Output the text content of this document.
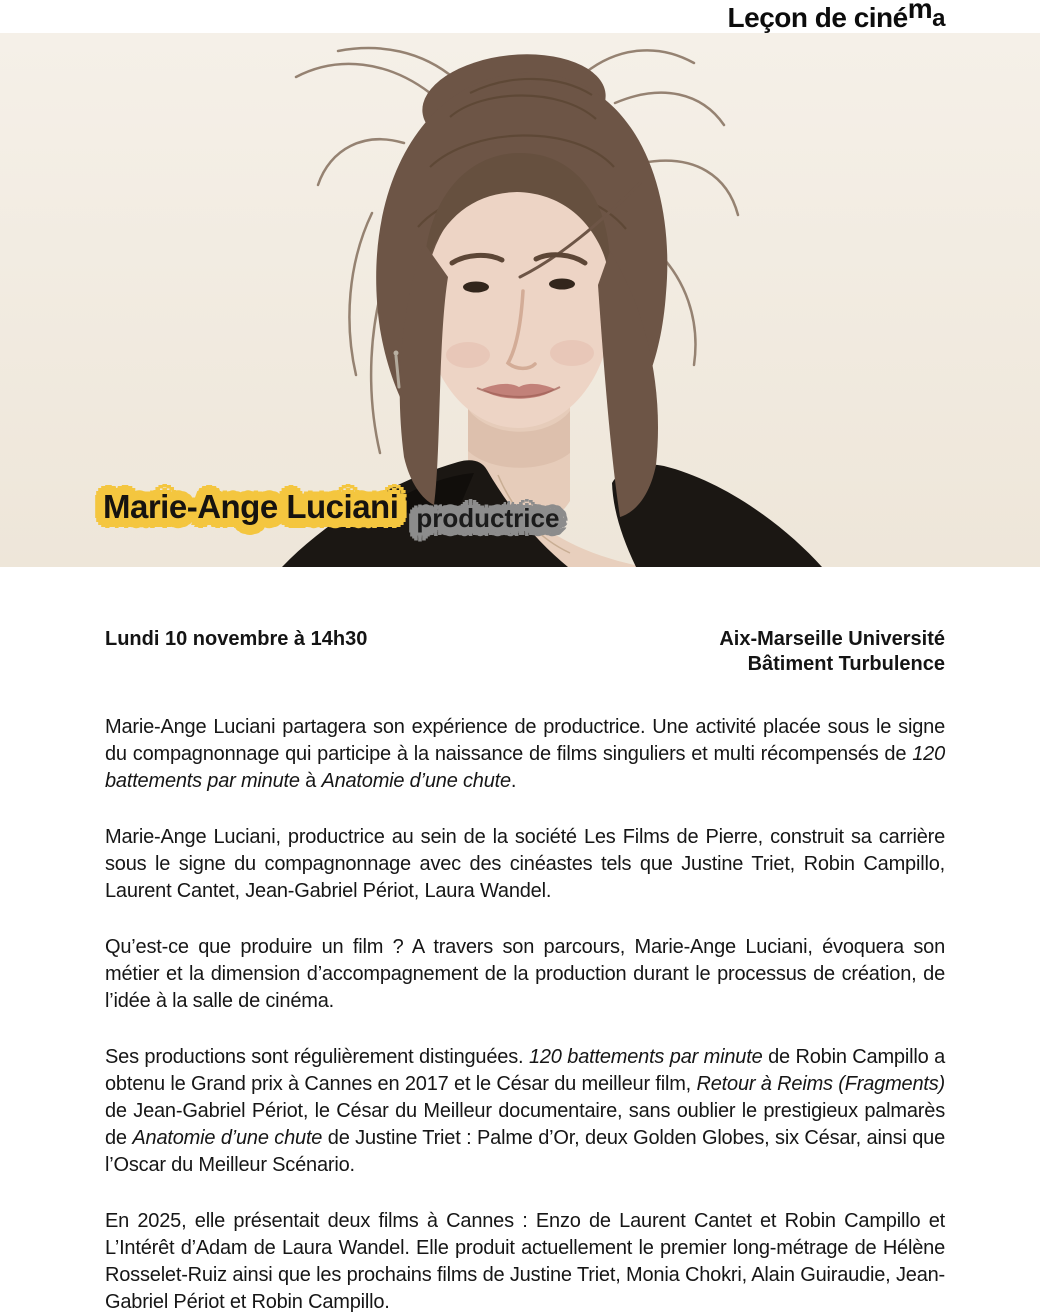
Leçon de cinéma
Marie-Ange Luciani productrice
Lundi 10 novembre à 14h30	Aix-Marseille Université
Bâtiment Turbulence

Marie-Ange Luciani partagera son expérience de productrice. Une activité placée sous le signe du compagnonnage qui participe à la naissance de films singuliers et multi récompensés de 120 battements par minute à Anatomie d’une chute.

Marie-Ange Luciani, productrice au sein de la société Les Films de Pierre, construit sa carrière sous le signe du compagnonnage avec des cinéastes tels que Justine Triet, Robin Campillo, Laurent Cantet, Jean-Gabriel Périot, Laura Wandel.

Qu’est-ce que produire un film ? A travers son parcours, Marie-Ange Luciani, évoquera son métier et la dimension d’accompagnement de la production durant le processus de création, de l’idée à la salle de cinéma.

Ses productions sont régulièrement distinguées. 120 battements par minute de Robin Campillo a obtenu le Grand prix à Cannes en 2017 et le César du meilleur film, Retour à Reims (Fragments) de Jean-Gabriel Périot, le César du Meilleur documentaire, sans oublier le prestigieux palmarès de Anatomie d’une chute de Justine Triet : Palme d’Or, deux Golden Globes, six César, ainsi que l’Oscar du Meilleur Scénario.

En 2025, elle présentait deux films à Cannes : Enzo de Laurent Cantet et Robin Campillo et L’Intérêt d’Adam de Laura Wandel. Elle produit actuellement le premier long-métrage de Hélène Rosselet-Ruiz ainsi que les prochains films de Justine Triet, Monia Chokri, Alain Guiraudie, Jean-Gabriel Périot et Robin Campillo.
